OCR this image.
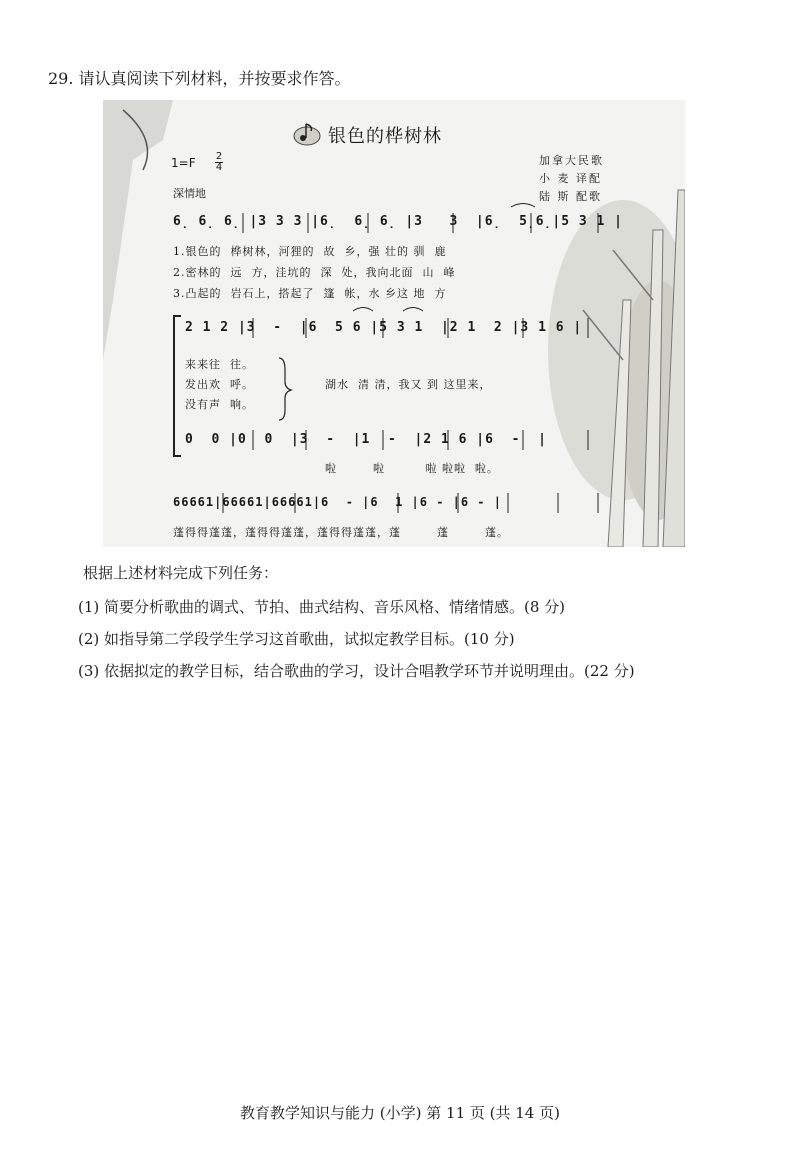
29. 请认真阅读下列材料，并按要求作答。
银色的桦树林
加拿大民歌
小 麦 译配
陆 斯 配歌
1=F 2
4
深情地
6̣ 6̣ 6̣ |3 3 3 |6̣  6̣ 6̣ |3   3  |6̣  5̣6̣|5 3 1 |
1.银色的  桦树林，河狸的  故  乡，强 壮的 驯  鹿
2.密林的  远  方，洼坑的  深  处，我向北面  山  峰
3.凸起的  岩石上，搭起了  篷  帐，水 乡这 地  方
2 1 2 |3  -  |6  5 6 |5 3 1  |2 1  2 |3 1 6 |
来来往  往。
发出欢  呼。
没有声  响。
湖水  清 清，我又 到 这里来，
0  0 |0  0  |3  -  |1  -  |2 1 6 |6  -  |
啦        啦         啦 啦啦  啦。
66661|66661|66661|6  - |6  1 |6 - |6 - |
蓬得得蓬蓬，蓬得得蓬蓬，蓬得得蓬蓬，蓬        蓬        蓬。
根据上述材料完成下列任务：
(1) 简要分析歌曲的调式、节拍、曲式结构、音乐风格、情绪情感。(8 分)
(2) 如指导第二学段学生学习这首歌曲，试拟定教学目标。(10 分)
(3) 依据拟定的教学目标，结合歌曲的学习，设计合唱教学环节并说明理由。(22 分)
教育教学知识与能力 (小学) 第 11 页 (共 14 页)
